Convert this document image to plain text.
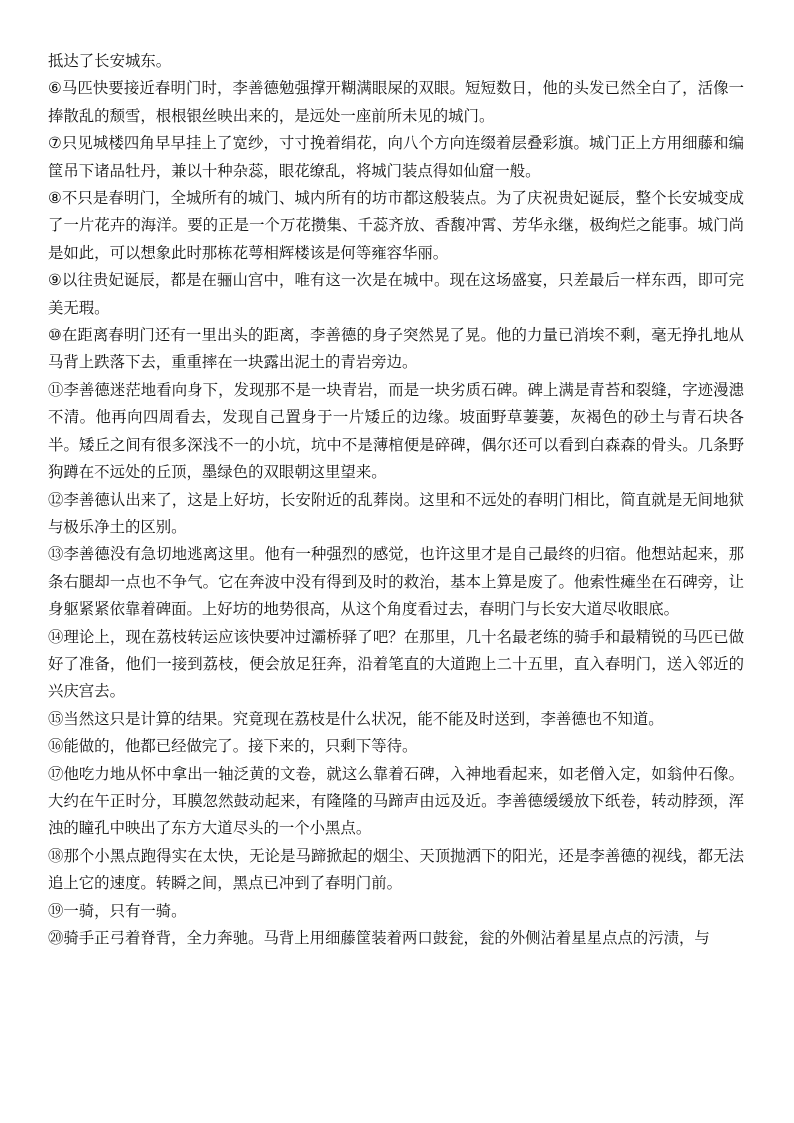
抵达了长安城东。

⑥马匹快要接近春明门时，李善德勉强撑开糊满眼屎的双眼。短短数日，他的头发已然全白了，活像一捧散乱的颓雪，根根银丝映出来的，是远处一座前所未见的城门。

⑦只见城楼四角早早挂上了宽纱，寸寸挽着绢花，向八个方向连缀着层叠彩旗。城门正上方用细藤和编筐吊下诸品牡丹，兼以十种杂蕊，眼花缭乱，将城门装点得如仙窟一般。

⑧不只是春明门，全城所有的城门、城内所有的坊市都这般装点。为了庆祝贵妃诞辰，整个长安城变成了一片花卉的海洋。要的正是一个万花攒集、千蕊齐放、香馥冲霄、芳华永继，极绚烂之能事。城门尚是如此，可以想象此时那栋花萼相辉楼该是何等雍容华丽。

⑨以往贵妃诞辰，都是在骊山宫中，唯有这一次是在城中。现在这场盛宴，只差最后一样东西，即可完美无瑕。

⑩在距离春明门还有一里出头的距离，李善德的身子突然晃了晃。他的力量已消埃不剩，毫无挣扎地从马背上跌落下去，重重摔在一块露出泥土的青岩旁边。

⑪李善德迷茫地看向身下，发现那不是一块青岩，而是一块劣质石碑。碑上满是青苔和裂缝，字迹漫漶不清。他再向四周看去，发现自己置身于一片矮丘的边缘。坡面野草萋萋，灰褐色的砂土与青石块各半。矮丘之间有很多深浅不一的小坑，坑中不是薄棺便是碎碑，偶尔还可以看到白森森的骨头。几条野狗蹲在不远处的丘顶，墨绿色的双眼朝这里望来。

⑫李善德认出来了，这是上好坊，长安附近的乱葬岗。这里和不远处的春明门相比，简直就是无间地狱与极乐净土的区别。

⑬李善德没有急切地逃离这里。他有一种强烈的感觉，也许这里才是自己最终的归宿。他想站起来，那条右腿却一点也不争气。它在奔波中没有得到及时的救治，基本上算是废了。他索性瘫坐在石碑旁，让身躯紧紧依靠着碑面。上好坊的地势很高，从这个角度看过去，春明门与长安大道尽收眼底。

⑭理论上，现在荔枝转运应该快要冲过灞桥驿了吧？在那里，几十名最老练的骑手和最精锐的马匹已做好了准备，他们一接到荔枝，便会放足狂奔，沿着笔直的大道跑上二十五里，直入春明门，送入邻近的兴庆宫去。

⑮当然这只是计算的结果。究竟现在荔枝是什么状况，能不能及时送到，李善德也不知道。

⑯能做的，他都已经做完了。接下来的，只剩下等待。

⑰他吃力地从怀中拿出一轴泛黄的文卷，就这么靠着石碑，入神地看起来，如老僧入定，如翁仲石像。大约在午正时分，耳膜忽然鼓动起来，有隆隆的马蹄声由远及近。李善德缓缓放下纸卷，转动脖颈，浑浊的瞳孔中映出了东方大道尽头的一个小黑点。

⑱那个小黑点跑得实在太快，无论是马蹄掀起的烟尘、天顶抛洒下的阳光，还是李善德的视线，都无法追上它的速度。转瞬之间，黑点已冲到了春明门前。

⑲一骑，只有一骑。

⑳骑手正弓着脊背，全力奔驰。马背上用细藤筐装着两口鼓瓮，瓮的外侧沾着星星点点的污渍，与
